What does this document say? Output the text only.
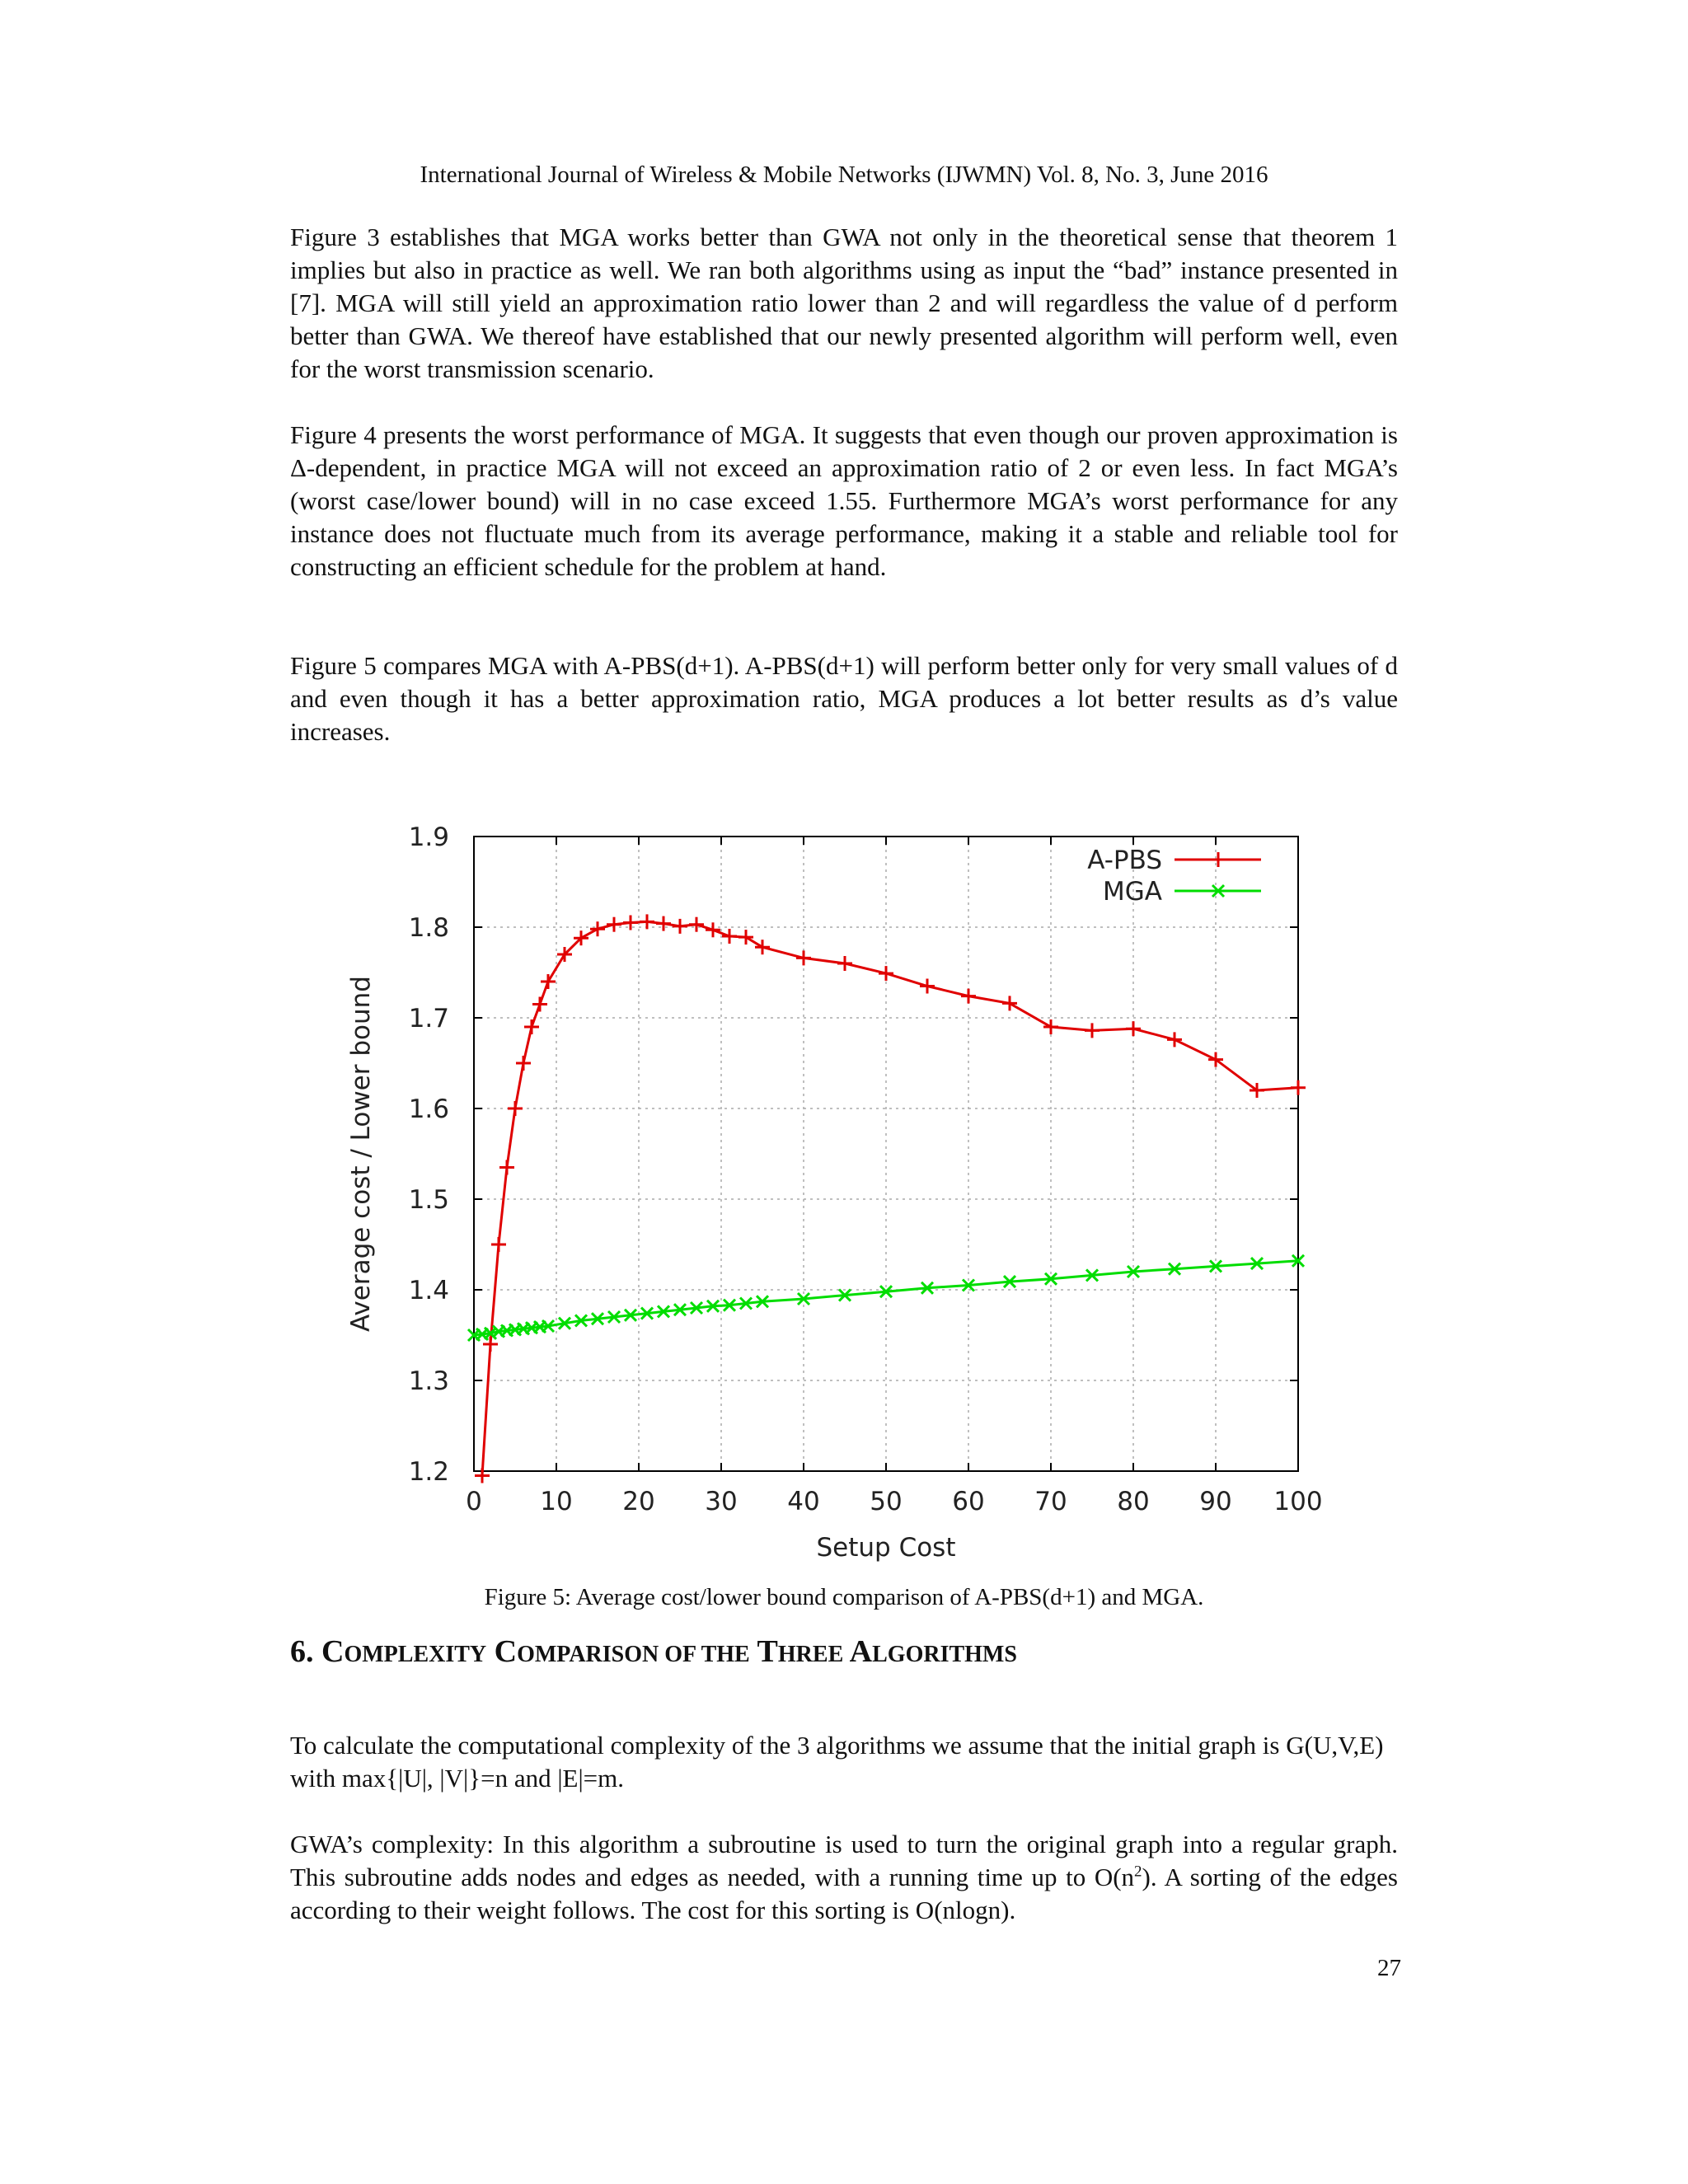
International Journal of Wireless & Mobile Networks (IJWMN) Vol. 8, No. 3, June 2016

Figure 3 establishes that MGA works better than GWA not only in the theoretical sense that theorem 1 implies but also in practice as well. We ran both algorithms using as input the “bad” instance presented in [7]. MGA will still yield an approximation ratio lower than 2 and will regardless the value of d perform better than GWA. We thereof have established that our newly presented algorithm will perform well, even for the worst transmission scenario.

Figure 4 presents the worst performance of MGA. It suggests that even though our proven approximation is Δ-dependent, in practice MGA will not exceed an approximation ratio of 2 or even less. In fact MGA’s (worst case/lower bound) will in no case exceed 1.55. Furthermore MGA’s worst performance for any instance does not fluctuate much from its average performance, making it a stable and reliable tool for constructing an efficient schedule for the problem at hand.

Figure 5 compares MGA with A-PBS(d+1). A-PBS(d+1) will perform better only for very small values of d and even though it has a better approximation ratio, MGA produces a lot better results as d’s value increases.

0 10 20 30 40 50 60 70 80 90 100
1.2
1.3
1.4
1.5
1.6
1.7
1.8
1.9
A-PBS
MGA
Setup Cost
Average cost / Lower bound
Figure 5: Average cost/lower bound comparison of A-PBS(d+1) and MGA.
6. COMPLEXITY COMPARISON OF THE THREE ALGORITHMS

To calculate the computational complexity of the 3 algorithms we assume that the initial graph is G(U,V,E) with max{|U|, |V|}=n and |E|=m.

GWA’s complexity: In this algorithm a subroutine is used to turn the original graph into a regular graph. This subroutine adds nodes and edges as needed, with a running time up to $O(n^2)$. A sorting of the edges according to their weight follows. The cost for this sorting is O(nlogn).

27
